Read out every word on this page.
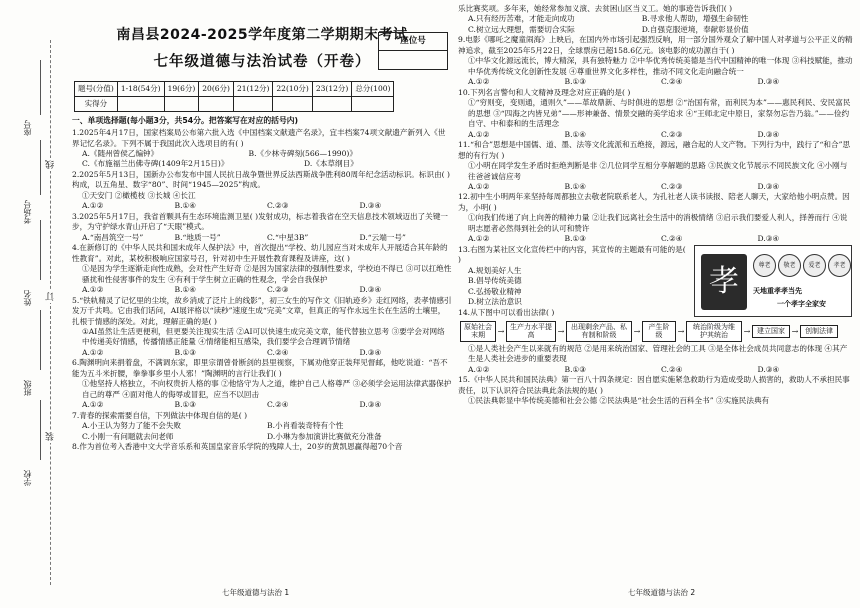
学校
班级
姓名
考场号
座号
线
订
装
南昌县2024-2025学年度第二学期期末考试
七年级道德与法治试卷（开卷）
座位号
题号(分值)	1-18(54分)	19(6分)	20(6分)	21(12分)	22(10分)	23(12分)	总分(100)
实得分							
一、单项选择题(每小题3分，共54分。把答案写在对应的括号内)
1.2025年4月17日，国家档案局公布第六批入选《中国档案文献遗产名录》，宜丰档案74项文献遗产新列入《世界记忆名录》。下列不属于我国此次入选项目的有( )
A.《随州曾侯乙编钟》	B.《少林寺碑刻(566—1990)》
C.《布施福兰出佛寺碑(1409年2月15日)》	D.《本草纲目》
2.2025年5月13日，国新办公布发布中国人民抗日战争暨世界反法西斯战争胜利80周年纪念活动标识。标识由( )构成，以五角星、数字“80”、时间“1945—2025”构成。
①天安门 ②橄榄枝 ③长城 ④长江
A.①②	B.①④	C.②③	D.③④
3.2025年5月17日，我省首颗具有生态环境监测卫星( )发射成功，标志着我省在空天信息技术领域迈出了关键一步，为守护绿水青山开启了“天眼”模式。
A.“南昌筑空一号”	B.“地质一号”	C.“中星3B”	D.“云端一号”
4.在新修订的《中华人民共和国未成年人保护法》中，首次提出“学校、幼儿园应当对未成年人开展适合其年龄的性教育”。对此，某校积极响应国家号召，针对初中生开展性教育课程及讲座，这( )
①是因为学生逐渐走向性成熟，会对性产生好奇 ②是因为国家法律的强制性要求，学校迫不得已 ③可以扛绝性骚扰和性侵害事件的发生 ④有利于学生树立正确的性观念，学会自我保护
A.①②	B.①④	C.②③	D.③④
5.“铁轨精灵了记忆里的尘埃，故乡消成了泛片上的线影”，初三女生的写作文《旧轨迹乡》走红网络，表孝情感引发万千共鸣。它由我们话问，AI展评格以“读秒”速度生成“完美”文章，但真正的写作永远生长在生活的土壤里，扎根于情感的深处。对此，理解正确的是( )
①AI虽然让生活更便利，但更要关注现实生活 ②AI可以快速生成完美文章，能代替独立思考 ③要学会对网络中传递美好情感，传播情感正能量 ④情绪能相互感染，我们要学会合理调节情绪
A.①②	B.①③	C.②④	D.③④
6.陶渊明向来捐着盘，不满调东家，即里宗谓曾骨断剑的县里视察，下属劝他穿正装拜见督邮，他吃说道：“吾不能为五斗米折腰，拳拳事乡里小人邪！”陶渊明的言行让我们( )
①他坚持人格独立，不向权贵折人格的事 ②他恪守为人之道，维护自己人格尊严 ③必须学会运用法律武器保护自己的尊严 ④面对他人的侮辱或冒犯，应当不以回击
A.①②	B.①③	C.②④	D.③④
7.青春的探索需要自信，下列做法中体现自信的是( )
A.小王认为努力了能不会失败	B.小肖看装奇特有个性
C.小刚一有问题就去问老师	D.小琳为参加演讲比赛做充分准备
8.作为首位考入香港中文大学音乐系和英国皇家音乐学院的残障人士，20岁的黄凯恩赢得超70个音
七年级道德与法治 1
乐比赛奖项。多年来，她经常参加义演、去贫困山区当义工。她的事迹告诉我们( )
A.只有经历苦难，才能走向成功	B.寻求他人帮助，增强生命韧性
C.树立远大理想，需要切合实际	D.自强克服逆境，奉献彰显价值
9.电影《哪吒之魔童闹海》上映后，在国内外市场引起强烈反响，用一部分国外观众了解中国人对孝道与公平正义的精神追求，截至2025年5月22日，全球票房已超158.6亿元。该电影的成功源自于( )
①中华文化源远流长，博大精深，具有独特魅力 ②中华优秀传统美德是当代中国精神的唯一体现 ③科技赋能，推动中华优秀传统文化创新性发展 ④尊重世界文化多样性，推动不同文化走向融合统一
A.①②	B.①③	C.②④	D.③④
10.下列名言警句和人文精神及理念对应正确的是( )
①“穷则变，变则通，通则久”——革故鼎新、与时俱进的思想 ②“治国有常，而利民为本”——惠民利民、安民富民的思想 ③“四海之内皆兄弟”——形神兼备、情景交融的美学追求 ④“王师北定中原日，家祭勿忘告乃翁。”——俭约自守、中和泰和的生活理念
A.①②	B.①④	C.②③	D.③④
11.“和合”思想是中国儒、道、墨、法等文化流派和五绝接，源远，融合起的人文产物。下列行为中，践行了“和合”思想的有行为( )
①小明在同学发生矛盾时拒绝判断是非 ②几位同学互相分享解题的思路 ③民族文化节展示不同民族文化 ④小刚与往爸爸诚信应考
A.①②	B.①④	C.②③	D.③④
12.初中生小明两年来坚持每周都独立去敬老院联系老人，为孔社老人读书读报、陪老人聊天，大家给他小明点赞。因为，小明( )
①向我们传递了向上向善的精神力量 ②让我们远离社会生活中的消极情绪 ③启示我们要爱人利人，择善而行 ④说明志愿者必然得到社会的认可和赞许
A.①②	B.①③	C.②④	D.③④
13.右图为某社区文化宣传栏中的内容，其宣传的主题最有可能的是( )
A.规划美好人生
B.倡导传统美德
C.弘扬敬业精神
D.树立法治意识
孝	尊老	敬老	爱老	孝老
天地重孝孝当先
一个孝字全家安
14.从下图中可以看出法律( )
原始社会末期	→ 生产力水平提高	→ 出现剩余产品、私有制和阶级	→	产生阶级	→	统治阶级为维护其统治	→ 建立国家 → 创制法律
①是人类社会产生以来就有的规范 ②是用来统治国家、管理社会的工具 ③是全体社会成员共同意志的体现 ④其产生是人类社会进步的重要表现
A.①②	B.①③	C.②④	D.③④
15.《中华人民共和国民法典》第一百八十四条规定：因自愿实施紧急救助行为造成受助人损害的，救助人不承担民事责任，以下认识符合民法典此条法规的是( )
①民法典彰显中华传统美德和社会公德 ②民法典是“社会生活的百科全书” ③实施民法典有
七年级道德与法治 2
